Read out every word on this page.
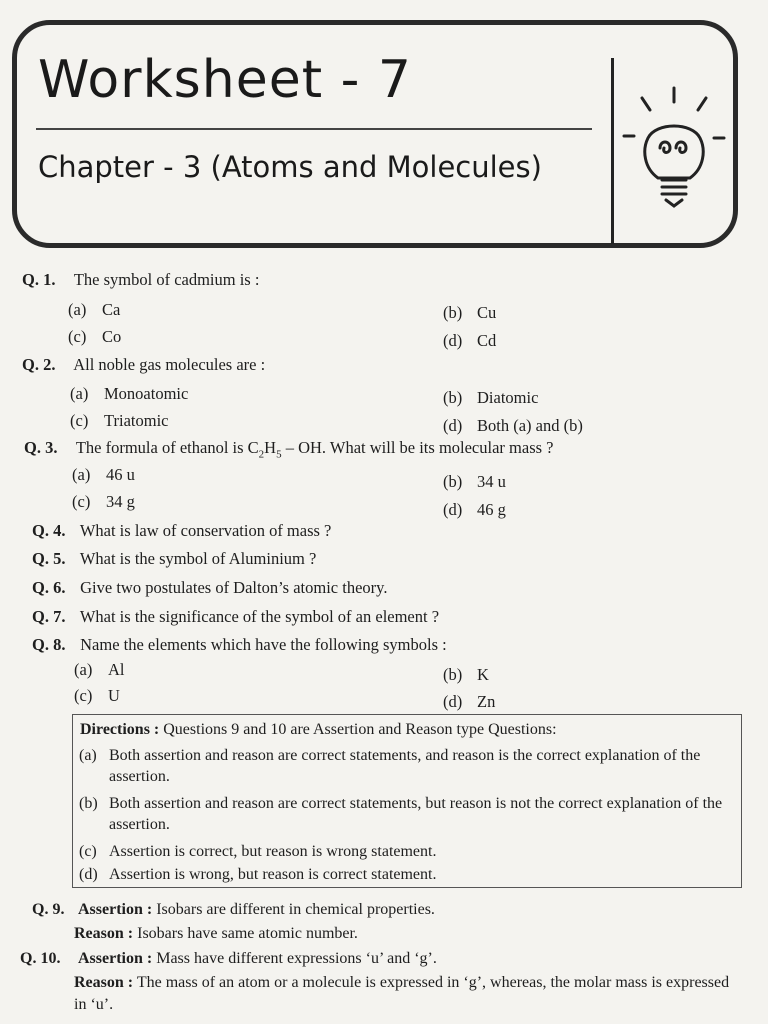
Worksheet - 7
Chapter - 3 (Atoms and Molecules)
Q. 1. The symbol of cadmium is :
(a) Ca	(b) Cu
(c) Co	(d) Cd
Q. 2. All noble gas molecules are :
(a) Monoatomic	(b) Diatomic
(c) Triatomic	(d) Both (a) and (b)
Q. 3. The formula of ethanol is $C_2H_5$ – OH. What will be its molecular mass ?
(a) 46 u	(b) 34 u
(c) 34 g	(d) 46 g
Q. 4. What is law of conservation of mass ?
Q. 5. What is the symbol of Aluminium ?
Q. 6. Give two postulates of Dalton’s atomic theory.
Q. 7. What is the significance of the symbol of an element ?
Q. 8. Name the elements which have the following symbols :
(a) Al	(b) K
(c) U	(d) Zn
Directions : Questions 9 and 10 are Assertion and Reason type Questions:
(a) Both assertion and reason are correct statements, and reason is the correct explanation of the assertion.
(b) Both assertion and reason are correct statements, but reason is not the correct explanation of the assertion.
(c) Assertion is correct, but reason is wrong statement.
(d) Assertion is wrong, but reason is correct statement.
Q. 9. Assertion : Isobars are different in chemical properties.
Reason : Isobars have same atomic number.
Q. 10. Assertion : Mass have different expressions ‘u’ and ‘g’.
Reason : The mass of an atom or a molecule is expressed in ‘g’, whereas, the molar mass is expressed in ‘u’.
